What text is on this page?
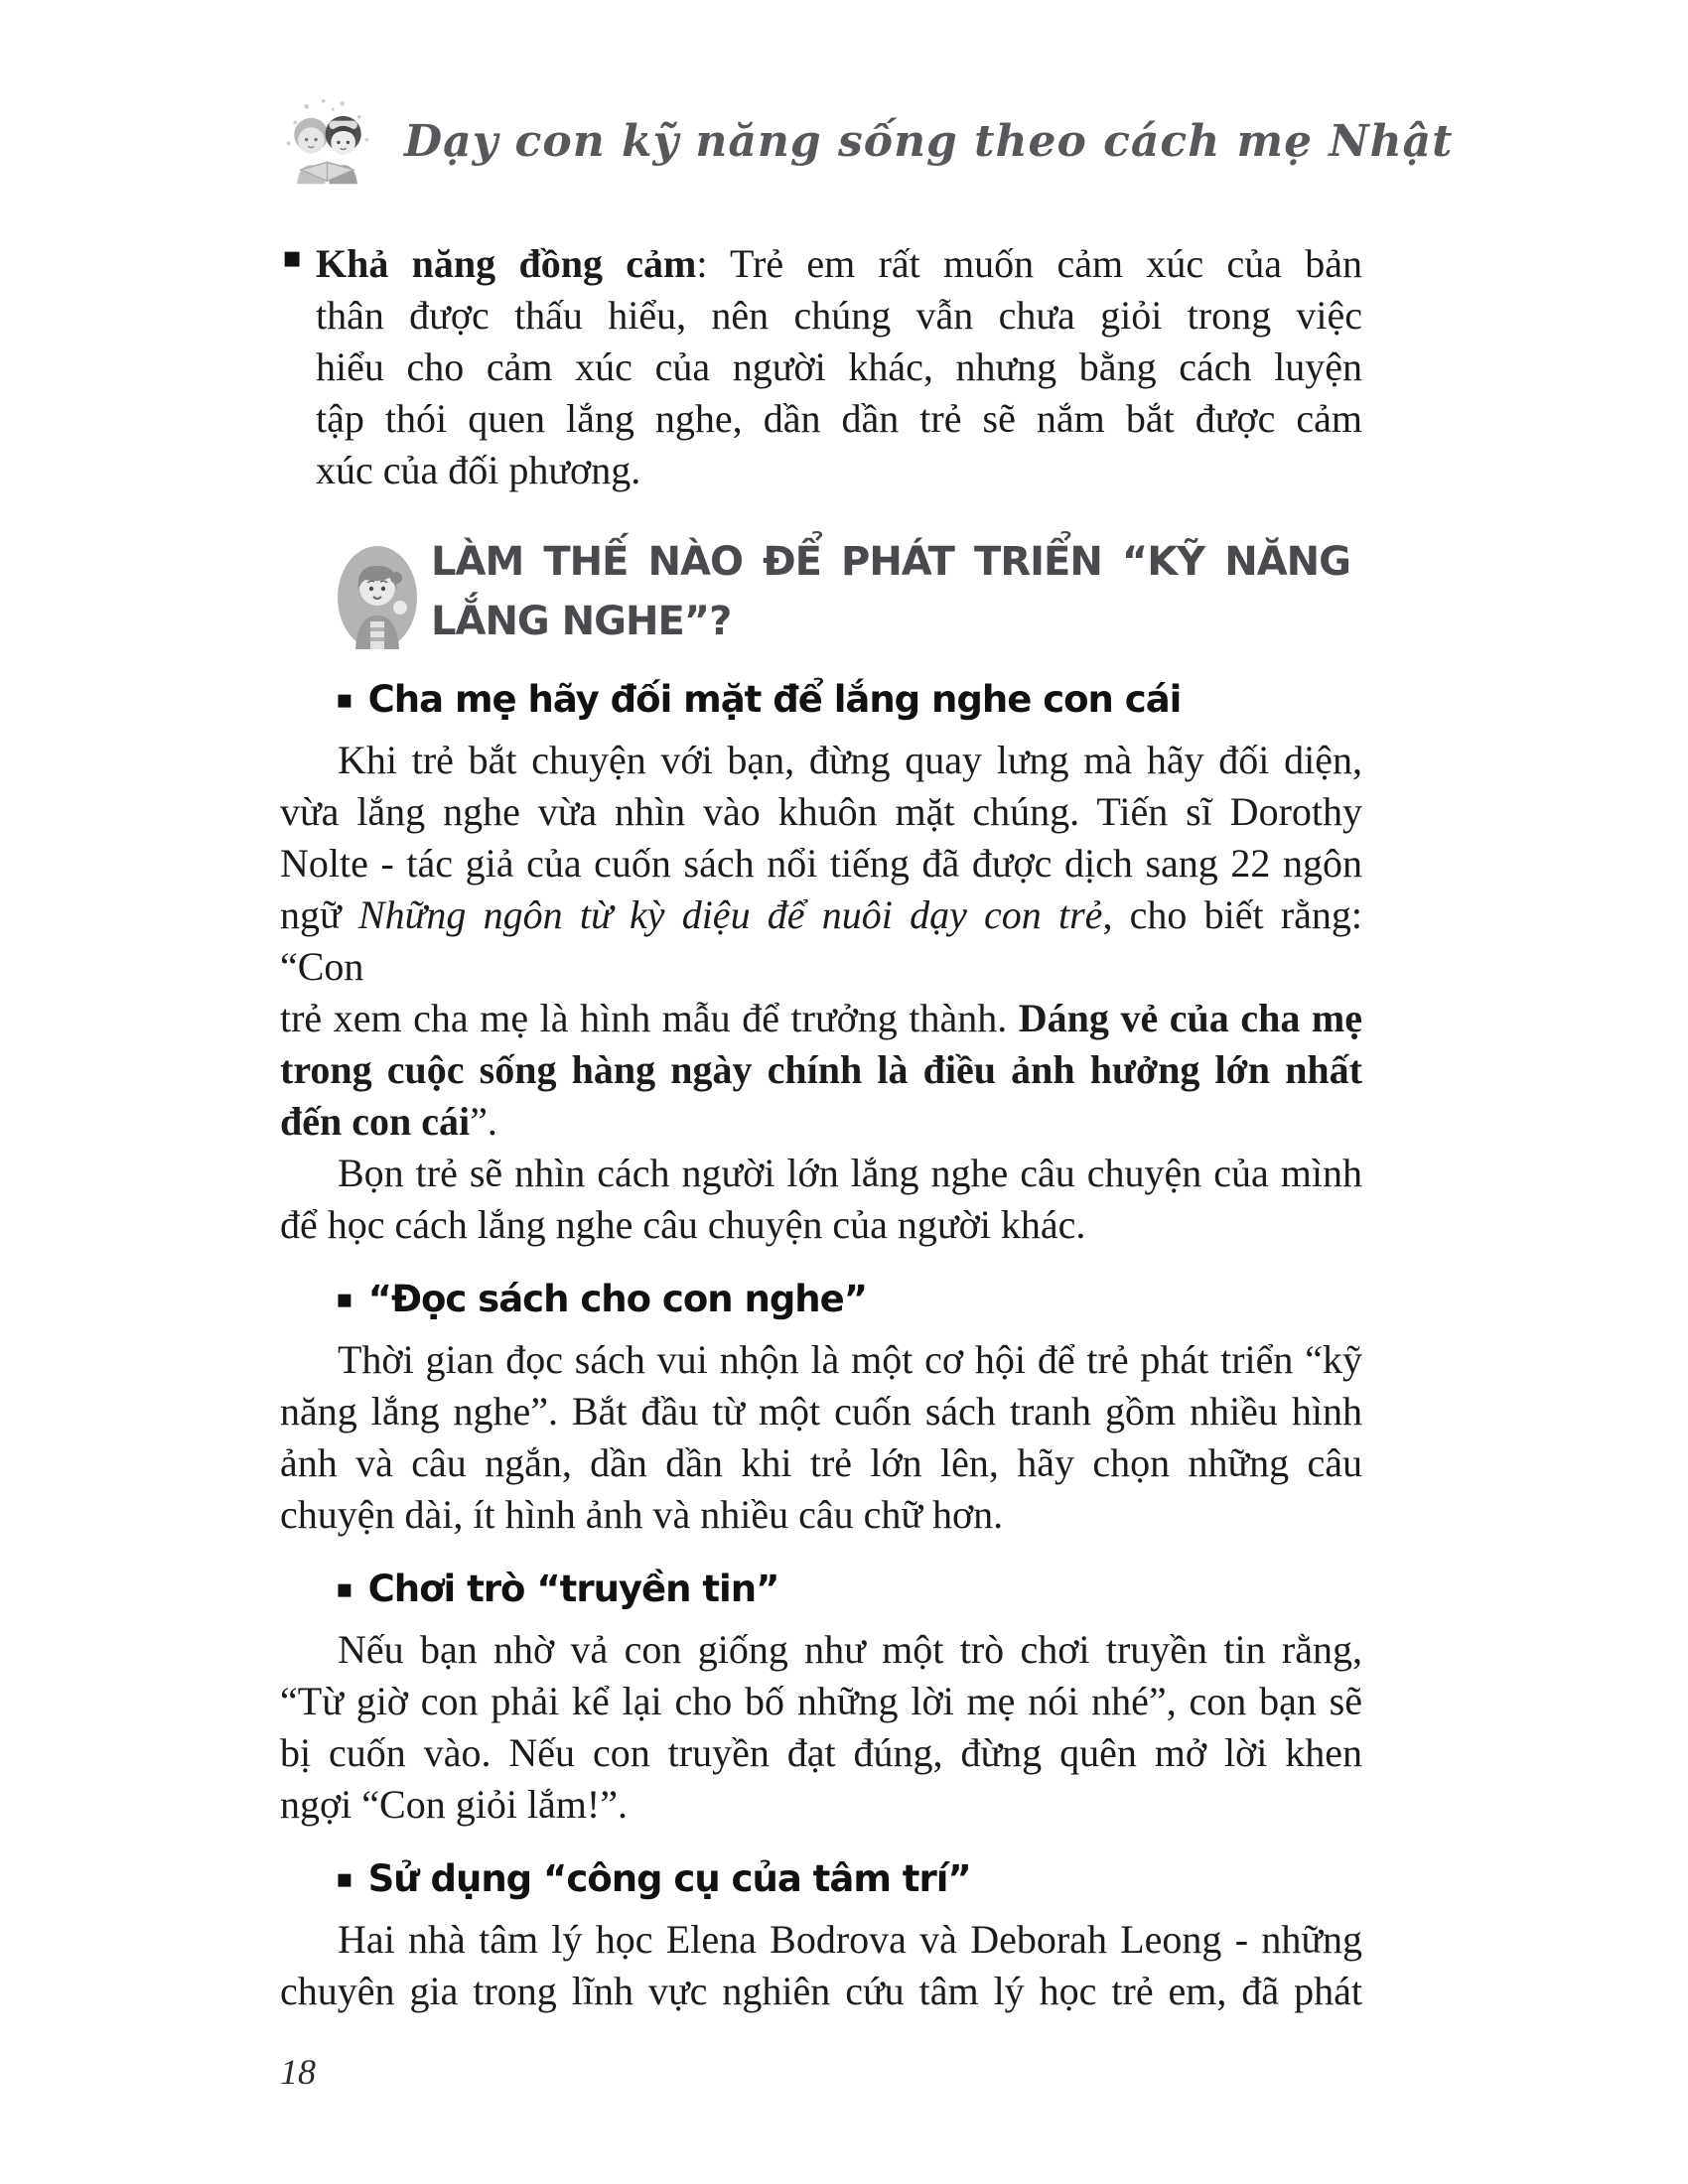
Dạy con kỹ năng sống theo cách mẹ Nhật
▪ Khả năng đồng cảm: Trẻ em rất muốn cảm xúc của bản
thân được thấu hiểu, nên chúng vẫn chưa giỏi trong việc
hiểu cho cảm xúc của người khác, nhưng bằng cách luyện
tập thói quen lắng nghe, dần dần trẻ sẽ nắm bắt được cảm
xúc của đối phương.
LÀM THẾ NÀO ĐỂ PHÁT TRIỂN “KỸ NĂNG
LẮNG NGHE”?
▪ Cha mẹ hãy đối mặt để lắng nghe con cái
Khi trẻ bắt chuyện với bạn, đừng quay lưng mà hãy đối diện,
vừa lắng nghe vừa nhìn vào khuôn mặt chúng. Tiến sĩ Dorothy
Nolte - tác giả của cuốn sách nổi tiếng đã được dịch sang 22 ngôn
ngữ Những ngôn từ kỳ diệu để nuôi dạy con trẻ, cho biết rằng: “Con
trẻ xem cha mẹ là hình mẫu để trưởng thành. Dáng vẻ của cha mẹ
trong cuộc sống hàng ngày chính là điều ảnh hưởng lớn nhất
đến con cái”.
Bọn trẻ sẽ nhìn cách người lớn lắng nghe câu chuyện của mình
để học cách lắng nghe câu chuyện của người khác.
▪ “Đọc sách cho con nghe”
Thời gian đọc sách vui nhộn là một cơ hội để trẻ phát triển “kỹ
năng lắng nghe”. Bắt đầu từ một cuốn sách tranh gồm nhiều hình
ảnh và câu ngắn, dần dần khi trẻ lớn lên, hãy chọn những câu
chuyện dài, ít hình ảnh và nhiều câu chữ hơn.
▪ Chơi trò “truyền tin”
Nếu bạn nhờ vả con giống như một trò chơi truyền tin rằng,
“Từ giờ con phải kể lại cho bố những lời mẹ nói nhé”, con bạn sẽ
bị cuốn vào. Nếu con truyền đạt đúng, đừng quên mở lời khen
ngợi “Con giỏi lắm!”.
▪ Sử dụng “công cụ của tâm trí”
Hai nhà tâm lý học Elena Bodrova và Deborah Leong - những
chuyên gia trong lĩnh vực nghiên cứu tâm lý học trẻ em, đã phát
18
